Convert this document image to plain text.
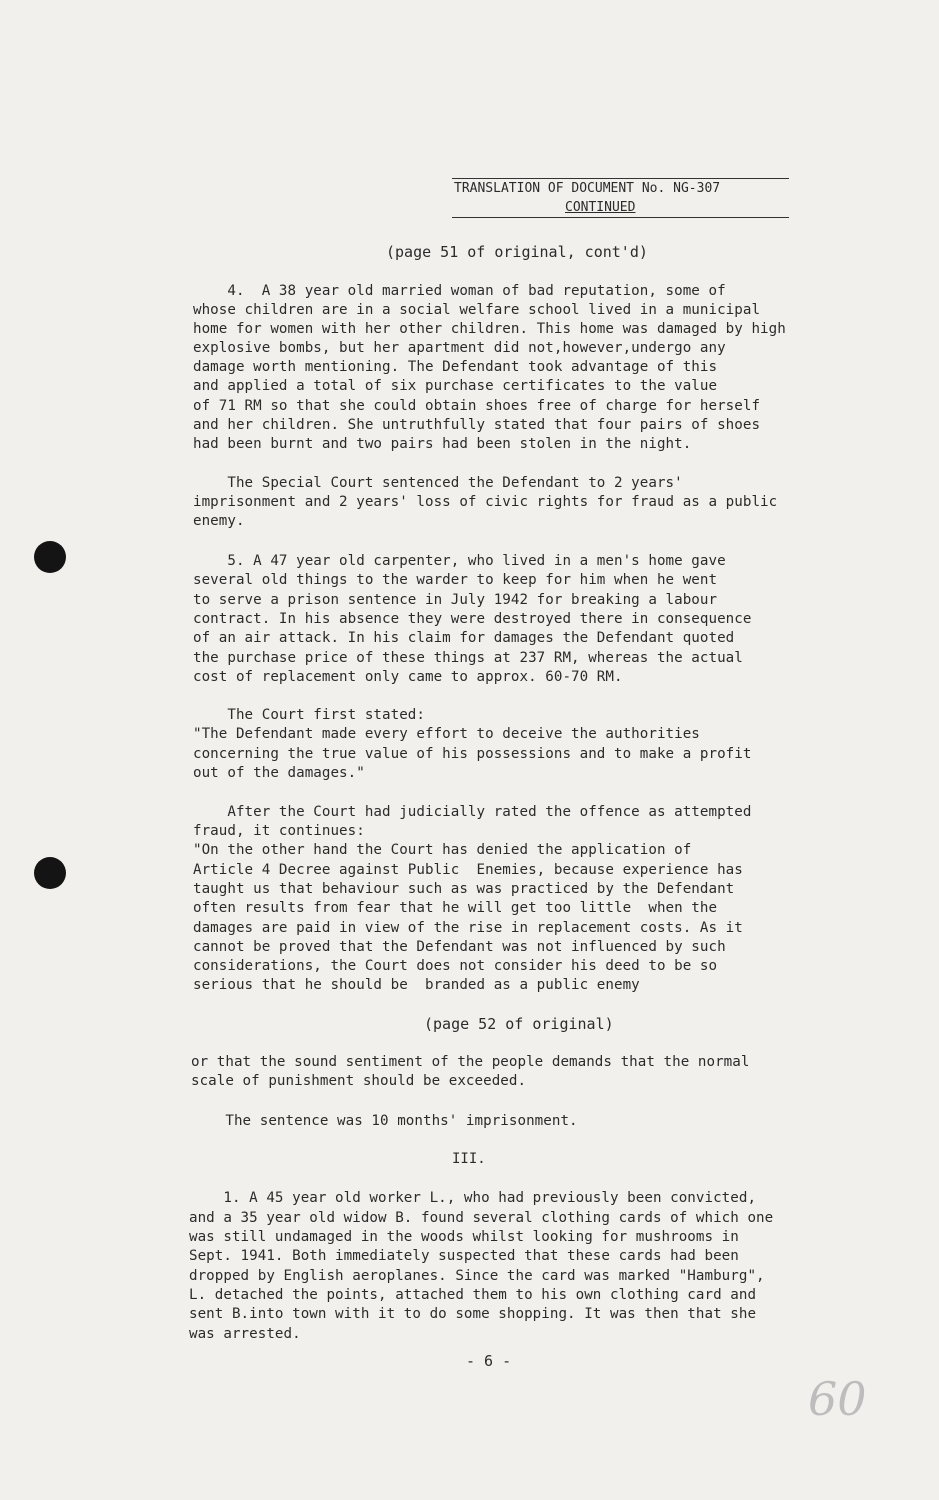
TRANSLATION OF DOCUMENT No. NG-307
CONTINUED
(page 51 of original, cont'd)
4.  A 38 year old married woman of bad reputation, some of
whose children are in a social welfare school lived in a municipal
home for women with her other children. This home was damaged by high
explosive bombs, but her apartment did not,however,undergo any
damage worth mentioning. The Defendant took advantage of this
and applied a total of six purchase certificates to the value
of 71 RM so that she could obtain shoes free of charge for herself
and her children. She untruthfully stated that four pairs of shoes
had been burnt and two pairs had been stolen in the night.
The Special Court sentenced the Defendant to 2 years'
imprisonment and 2 years' loss of civic rights for fraud as a public
enemy.
5. A 47 year old carpenter, who lived in a men's home gave
several old things to the warder to keep for him when he went
to serve a prison sentence in July 1942 for breaking a labour
contract. In his absence they were destroyed there in consequence
of an air attack. In his claim for damages the Defendant quoted
the purchase price of these things at 237 RM, whereas the actual
cost of replacement only came to approx. 60-70 RM.
The Court first stated:
"The Defendant made every effort to deceive the authorities
concerning the true value of his possessions and to make a profit
out of the damages."
After the Court had judicially rated the offence as attempted
fraud, it continues:
"On the other hand the Court has denied the application of
Article 4 Decree against Public  Enemies, because experience has
taught us that behaviour such as was practiced by the Defendant
often results from fear that he will get too little  when the
damages are paid in view of the rise in replacement costs. As it
cannot be proved that the Defendant was not influenced by such
considerations, the Court does not consider his deed to be so
serious that he should be  branded as a public enemy
(page 52 of original)
or that the sound sentiment of the people demands that the normal
scale of punishment should be exceeded.
The sentence was 10 months' imprisonment.
III.
1. A 45 year old worker L., who had previously been convicted,
and a 35 year old widow B. found several clothing cards of which one
was still undamaged in the woods whilst looking for mushrooms in
Sept. 1941. Both immediately suspected that these cards had been
dropped by English aeroplanes. Since the card was marked "Hamburg",
L. detached the points, attached them to his own clothing card and
sent B.into town with it to do some shopping. It was then that she
was arrested.
- 6 -
60
